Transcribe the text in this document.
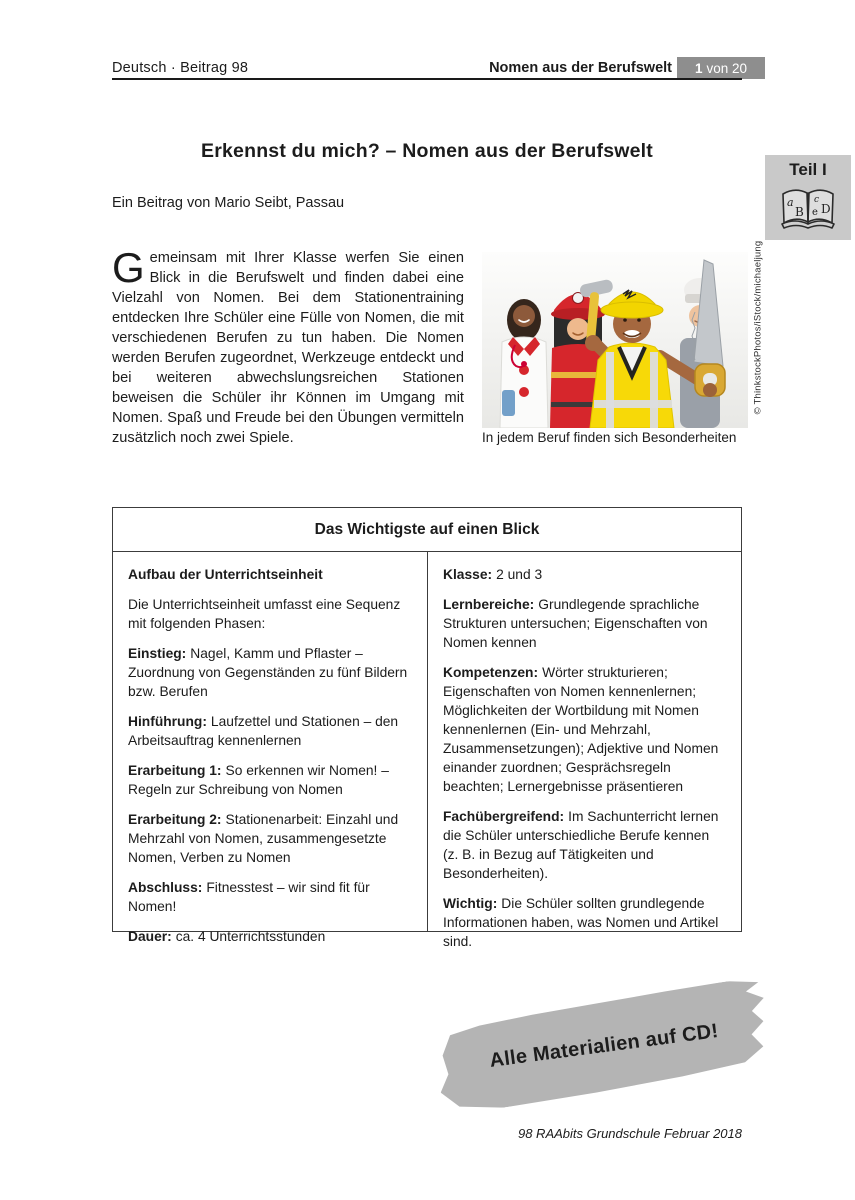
Deutsch · Beitrag 98	Nomen aus der Berufswelt 1 von 20
Erkennst du mich? – Nomen aus der Berufswelt
Teil I
a
B
c
e D
Ein Beitrag von Mario Seibt, Passau
Gemeinsam mit Ihrer Klasse werfen Sie einen Blick in die Berufswelt und finden dabei eine Vielzahl von Nomen. Bei dem Stationentraining entdecken Ihre Schüler eine Fülle von Nomen, die mit verschiedenen Berufen zu tun haben. Die Nomen werden Berufen zugeordnet, Werkzeuge entdeckt und bei weiteren abwechslungsreichen Stationen beweisen die Schüler ihr Können im Umgang mit Nomen. Spaß und Freude bei den Übungen vermitteln zusätzlich noch zwei Spiele.	In jedem Beruf finden sich Besonderheiten
© ThinkstockPhotos/iStock/michaeljung
Das Wichtigste auf einen Blick

Aufbau der Unterrichtseinheit

Die Unterrichtseinheit umfasst eine Sequenz mit folgenden Phasen:

Einstieg: Nagel, Kamm und Pflaster – Zuordnung von Gegenständen zu fünf Bildern bzw. Berufen

Hinführung: Laufzettel und Stationen – den Arbeitsauftrag kennenlernen

Erarbeitung 1: So erkennen wir Nomen! – Regeln zur Schreibung von Nomen

Erarbeitung 2: Stationenarbeit: Einzahl und Mehrzahl von Nomen, zusammengesetzte Nomen, Verben zu Nomen

Abschluss: Fitnesstest – wir sind fit für Nomen!

Dauer: ca. 4 Unterrichtsstunden

Klasse: 2 und 3

Lernbereiche: Grundlegende sprachliche Strukturen untersuchen; Eigenschaften von Nomen kennen

Kompetenzen: Wörter strukturieren; Eigenschaften von Nomen kennenlernen; Möglichkeiten der Wortbildung mit Nomen kennenlernen (Ein- und Mehrzahl, Zusammensetzungen); Adjektive und Nomen einander zuordnen; Gesprächsregeln beachten; Lernergebnisse präsentieren

Fachübergreifend: Im Sachunterricht lernen die Schüler unterschiedliche Berufe kennen (z. B. in Bezug auf Tätigkeiten und Besonderheiten).

Wichtig: Die Schüler sollten grundlegende Informationen haben, was Nomen und Artikel sind.

Alle Materialien auf CD!
98 RAAbits Grundschule Februar 2018
